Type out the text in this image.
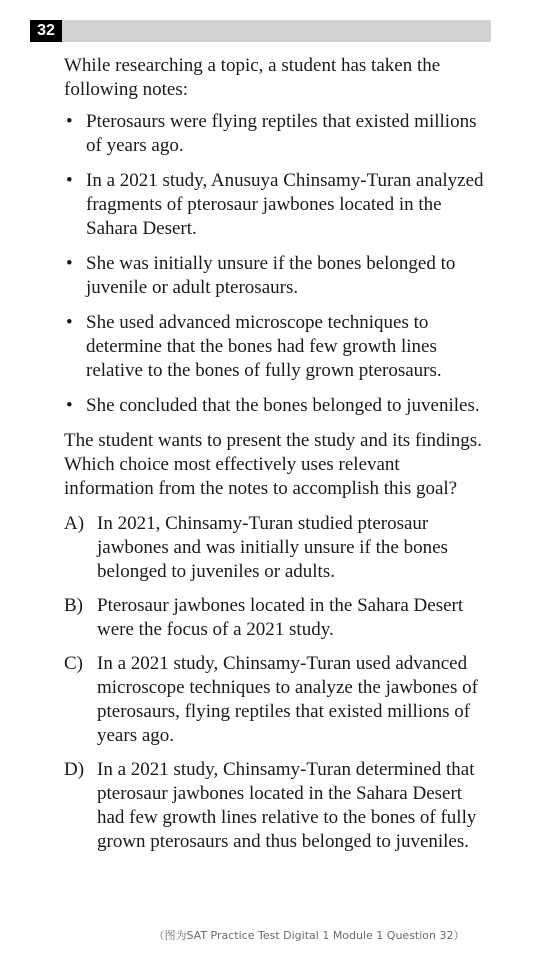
32

While researching a topic, a student has taken the following notes:

• Pterosaurs were flying reptiles that existed millions of years ago.
• In a 2021 study, Anusuya Chinsamy-Turan analyzed fragments of pterosaur jawbones located in the Sahara Desert.
• She was initially unsure if the bones belonged to juvenile or adult pterosaurs.
• She used advanced microscope techniques to determine that the bones had few growth lines relative to the bones of fully grown pterosaurs.
• She concluded that the bones belonged to juveniles.

The student wants to present the study and its findings. Which choice most effectively uses relevant information from the notes to accomplish this goal?

A) In 2021, Chinsamy-Turan studied pterosaur jawbones and was initially unsure if the bones belonged to juveniles or adults.
B) Pterosaur jawbones located in the Sahara Desert were the focus of a 2021 study.
C) In a 2021 study, Chinsamy-Turan used advanced microscope techniques to analyze the jawbones of pterosaurs, flying reptiles that existed millions of years ago.
D) In a 2021 study, Chinsamy-Turan determined that pterosaur jawbones located in the Sahara Desert had few growth lines relative to the bones of fully grown pterosaurs and thus belonged to juveniles.
（图为SAT Practice Test Digital 1 Module 1 Question 32）
